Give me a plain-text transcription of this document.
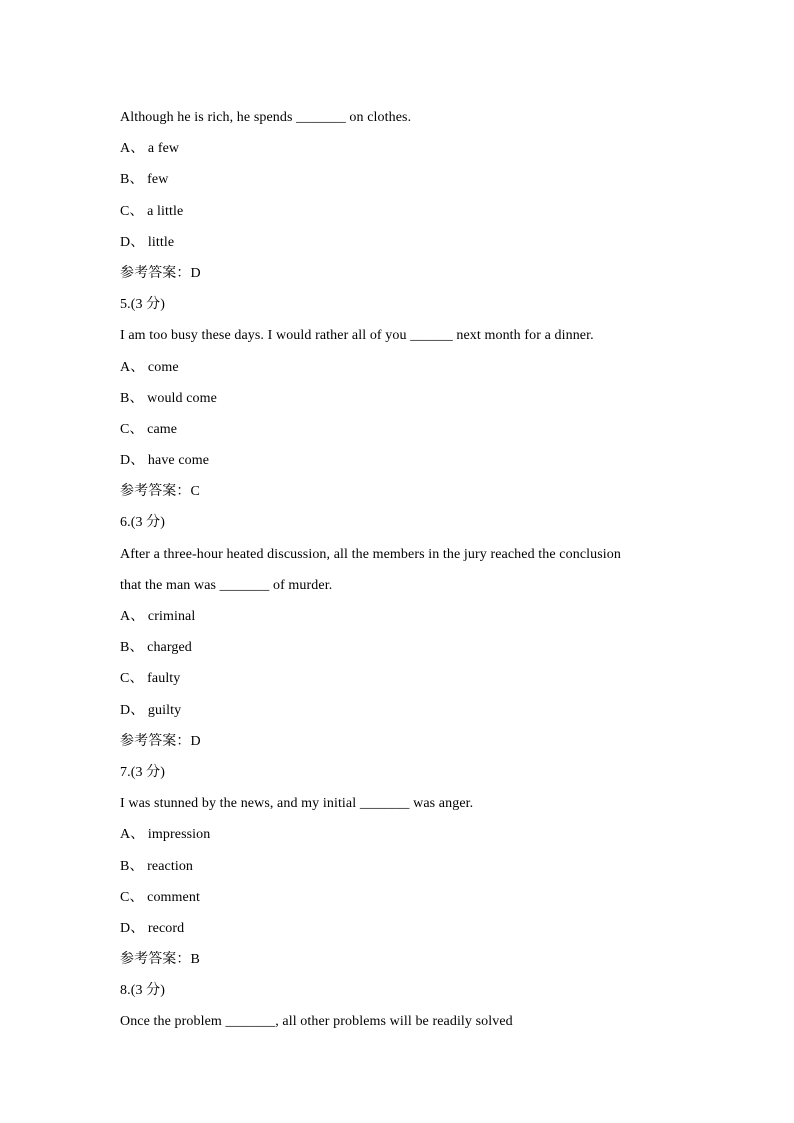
Although he is rich, he spends _______ on clothes.
A、 a few
B、 few
C、 a little
D、 little
参考答案：D
5.(3 分)
I am too busy these days. I would rather all of you ______ next month for a dinner.
A、 come
B、 would come
C、 came
D、 have come
参考答案：C
6.(3 分)
After a three-hour heated discussion, all the members in the jury reached the conclusion
that the man was _______ of murder.
A、 criminal
B、 charged
C、 faulty
D、 guilty
参考答案：D
7.(3 分)
I was stunned by the news, and my initial _______ was anger.
A、 impression
B、 reaction
C、 comment
D、 record
参考答案：B
8.(3 分)
Once the problem _______, all other problems will be readily solved
